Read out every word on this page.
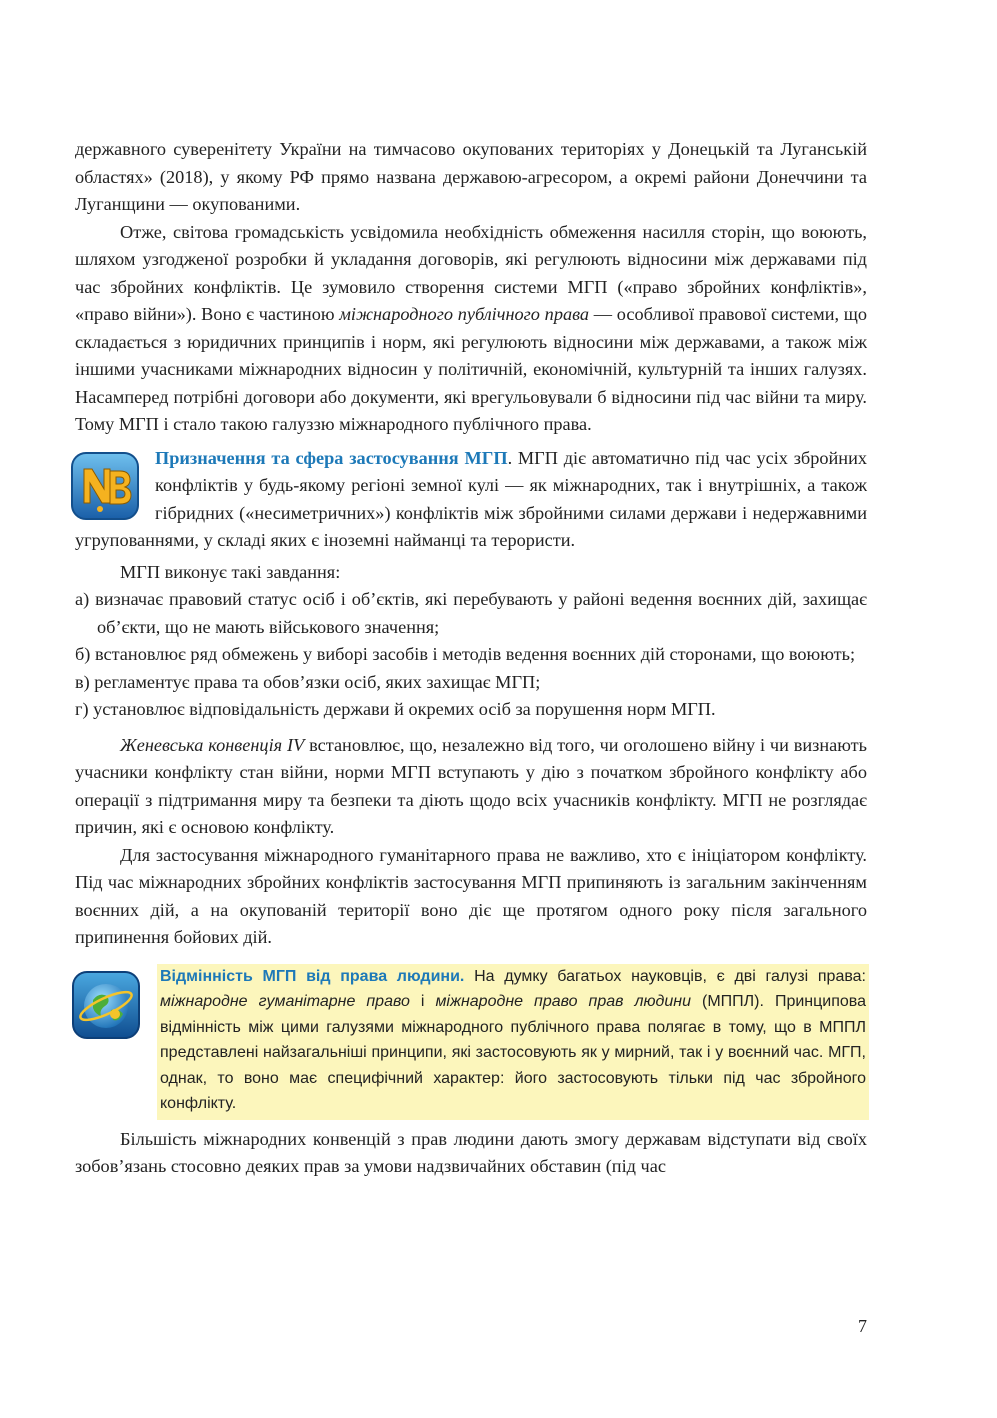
державного суверенітету України на тимчасово окупованих територіях у Донецькій та Луганській областях» (2018), у якому РФ прямо названа державою-агресором, а окремі райони Донеччини та Луганщини — окупованими.

Отже, світова громадськість усвідомила необхідність обмеження насилля сторін, що воюють, шляхом узгодженої розробки й укладання договорів, які регулюють відносини між державами під час збройних конфліктів. Це зумовило створення системи МГП («право збройних конфліктів», «право війни»). Воно є частиною міжнародного публічного права — особливої правової системи, що складається з юридичних принципів і норм, які регулюють відносини між державами, а також між іншими учасниками міжнародних відносин у політичній, економічній, культурній та інших галузях. Насамперед потрібні договори або документи, які врегульовували б відносини під час війни та миру. Тому МГП і стало такою галуззю міжнародного публічного права.

Призначення та сфера застосування МГП. МГП діє автоматично під час усіх збройних конфліктів у будь-якому регіоні земної кулі — як міжнародних, так і внутрішніх, а також гібридних («несиметричних») конфліктів між збройними силами держави і недержавними угрупованнями, у складі яких є іноземні найманці та терористи.

МГП виконує такі завдання:

а) визначає правовий статус осіб і об’єктів, які перебувають у районі ведення воєнних дій, захищає об’єкти, що не мають військового значення;
б) встановлює ряд обмежень у виборі засобів і методів ведення воєнних дій сторонами, що воюють;
в) регламентує права та обов’язки осіб, яких захищає МГП;
г) установлює відповідальність держави й окремих осіб за порушення норм МГП.

Женевська конвенція IV встановлює, що, незалежно від того, чи оголошено війну і чи визнають учасники конфлікту стан війни, норми МГП вступають у дію з початком збройного конфлікту або операції з підтримання миру та безпеки та діють щодо всіх учасників конфлікту. МГП не розглядає причин, які є основою конфлікту.

Для застосування міжнародного гуманітарного права не важливо, хто є ініціатором конфлікту. Під час міжнародних збройних конфліктів застосування МГП припиняють із загальним закінченням воєнних дій, а на окупованій території воно діє ще протягом одного року після загального припинення бойових дій.

Відмінність МГП від права людини. На думку багатьох науковців, є дві галузі права: міжнародне гуманітарне право і міжнародне право прав людини (МППЛ). Принципова відмінність між цими галузями міжнародного публічного права полягає в тому, що в МППЛ представлені найзагальніші принципи, які застосовують як у мирний, так і у воєнний час. МГП, однак, то воно має специфічний характер: його застосовують тільки під час збройного конфлікту.

Більшість міжнародних конвенцій з прав людини дають змогу державам відступати від своїх зобов’язань стосовно деяких прав за умови надзвичайних обставин (під час

7
